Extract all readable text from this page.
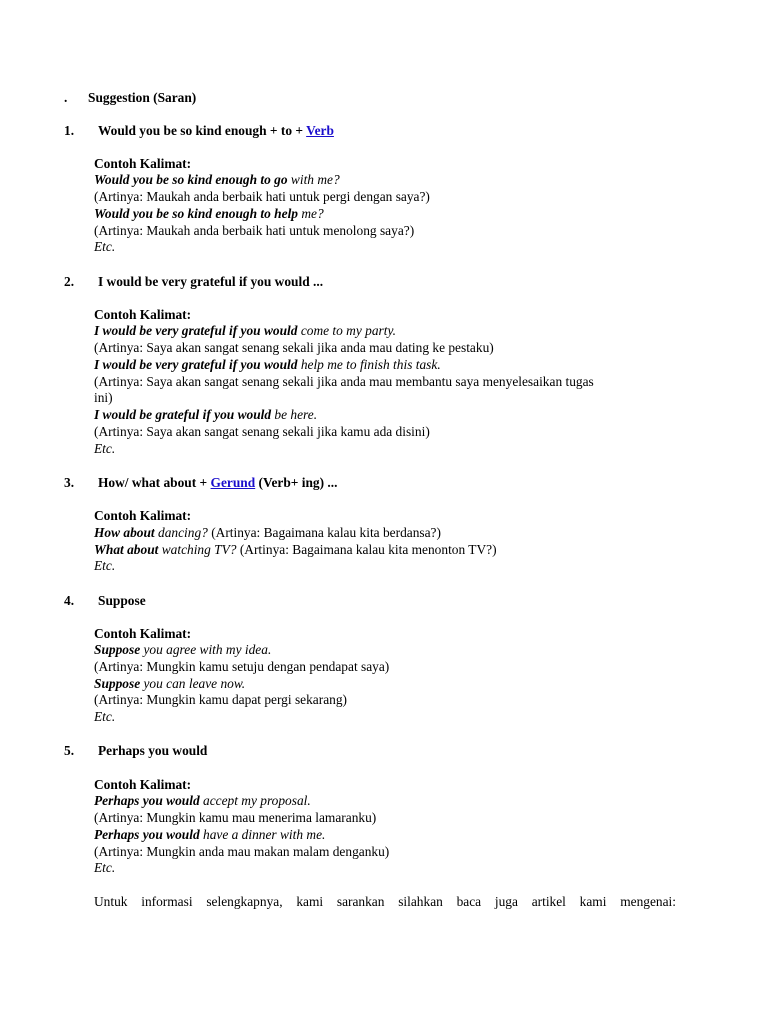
. Suggestion (Saran)
1. Would you be so kind enough + to + Verb
Contoh Kalimat:
Would you be so kind enough to go with me?
(Artinya: Maukah anda berbaik hati untuk pergi dengan saya?)
Would you be so kind enough to help me?
(Artinya: Maukah anda berbaik hati untuk menolong saya?)
Etc.
2. I would be very grateful if you would ...
Contoh Kalimat:
I would be very grateful if you would come to my party.
(Artinya: Saya akan sangat senang sekali jika anda mau dating ke pestaku)
I would be very grateful if you would help me to finish this task.
(Artinya: Saya akan sangat senang sekali jika anda mau membantu saya menyelesaikan tugas
ini)
I would be grateful if you would be here.
(Artinya: Saya akan sangat senang sekali jika kamu ada disini)
Etc.
3. How/ what about + Gerund (Verb+ ing) ...
Contoh Kalimat:
How about dancing? (Artinya: Bagaimana kalau kita berdansa?)
What about watching TV? (Artinya: Bagaimana kalau kita menonton TV?)
Etc.
4. Suppose
Contoh Kalimat:
Suppose you agree with my idea.
(Artinya: Mungkin kamu setuju dengan pendapat saya)
Suppose you can leave now.
(Artinya: Mungkin kamu dapat pergi sekarang)
Etc.
5. Perhaps you would
Contoh Kalimat:
Perhaps you would accept my proposal.
(Artinya: Mungkin kamu mau menerima lamaranku)
Perhaps you would have a dinner with me.
(Artinya: Mungkin anda mau makan malam denganku)
Etc.
Untuk informasi selengkapnya, kami sarankan silahkan baca juga artikel kami mengenai:
